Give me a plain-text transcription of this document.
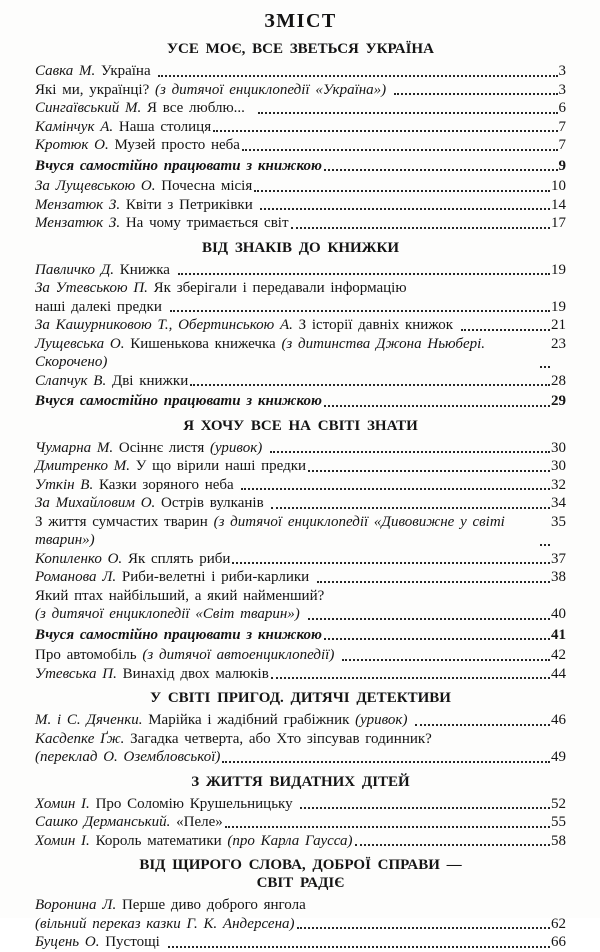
ЗМІСТ
УСЕ МОЄ, ВСЕ ЗВЕТЬСЯ УКРАЇНА
Савка М. Україна	3
Які ми, українці? (з дитячої енциклопедії «Україна»)	3
Сингаївський М. Я все люблю...	6
Камінчук А. Наша столиця	7
Кротюк О. Музей просто неба	7
Вчуся самостійно працювати з книжкою	9
За Лущевською О. Почесна місія	10
Мензатюк З. Квіти з Петриківки	14
Мензатюк З. На чому тримається світ	17
ВІД ЗНАКІВ ДО КНИЖКИ
Павличко Д. Книжка	19
За Утевською П. Як зберігали і передавали інформацію
наші далекі предки	19
За Кашурниковою Т., Обертинською А. З історії давніх книжок	21
Лущевська О. Кишенькова книжечка (з дитинства Джона Ньюбері. Скорочено)
23
Слапчук В. Дві книжки	28
Вчуся самостійно працювати з книжкою	29
Я ХОЧУ ВСЕ НА СВІТІ ЗНАТИ
Чумарна М. Осіннє листя (уривок)	30
Дмитренко М. У що вірили наші предки	30
Уткін В. Казки зоряного неба	32
За Михайловим О. Острів вулканів	34
З життя сумчастих тварин (з дитячої енциклопедії «Дивовижне у світі тварин»)
35
Копиленко О. Як сплять риби	37
Романова Л. Риби-велетні і риби-карлики	38
Який птах найбільший, а який найменший?
(з дитячої енциклопедії «Світ тварин»)	40
Вчуся самостійно працювати з книжкою	41
Про автомобіль (з дитячої автоенциклопедії)	42
Утевська П. Винахід двох малюків	44
У СВІТІ ПРИГОД. ДИТЯЧІ ДЕТЕКТИВИ
М. і С. Дяченки. Марійка і жадібний грабіжник (уривок)	46
Касдепке Ґж. Загадка четверта, або Хто зіпсував годинник?
(переклад О. Озембловської)	49
З ЖИТТЯ ВИДАТНИХ ДІТЕЙ
Хомин І. Про Соломію Крушельницьку	52
Сашко Дерманський. «Пеле»	55
Хомин І. Король математики (про Карла Гаусса)	58
ВІД ЩИРОГО СЛОВА, ДОБРОЇ СПРАВИ —
СВІТ РАДІЄ
Воронина Л. Перше диво доброго янгола
(вільний переказ казки Г. К. Андерсена)	62
Буцень О. Пустощі	66
